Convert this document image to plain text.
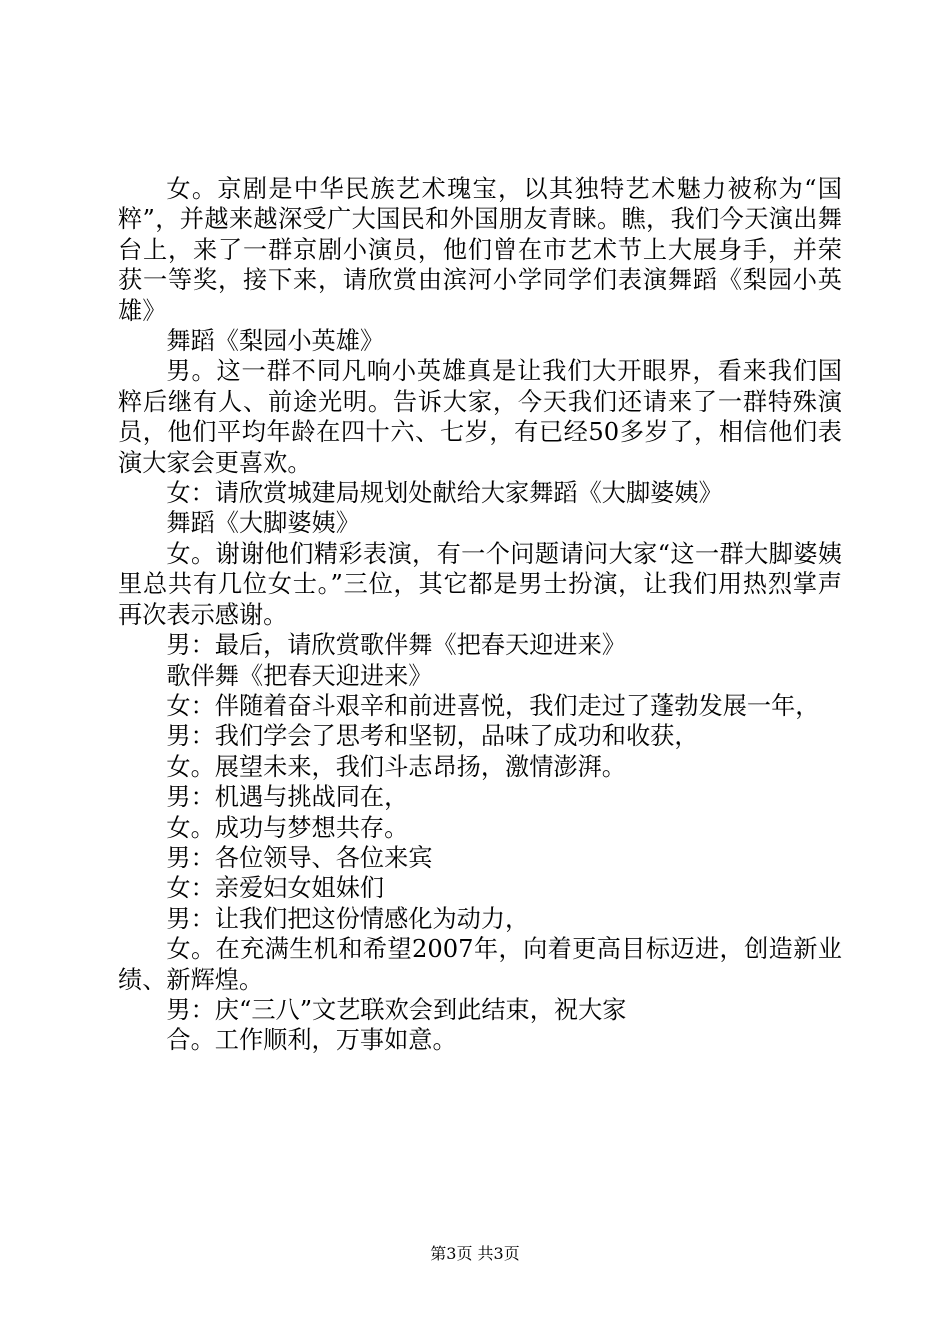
女。京剧是中华民族艺术瑰宝，以其独特艺术魅力被称为“国粹”，并越来越深受广大国民和外国朋友青睐。瞧，我们今天演出舞台上，来了一群京剧小演员，他们曾在市艺术节上大展身手，并荣获一等奖，接下来，请欣赏由滨河小学同学们表演舞蹈《梨园小英雄》

舞蹈《梨园小英雄》

男。这一群不同凡响小英雄真是让我们大开眼界，看来我们国粹后继有人、前途光明。告诉大家，今天我们还请来了一群特殊演员，他们平均年龄在四十六、七岁，有已经50多岁了，相信他们表演大家会更喜欢。

女：请欣赏城建局规划处献给大家舞蹈《大脚婆姨》

舞蹈《大脚婆姨》

女。谢谢他们精彩表演，有一个问题请问大家“这一群大脚婆姨里总共有几位女士。”三位，其它都是男士扮演，让我们用热烈掌声再次表示感谢。

男：最后，请欣赏歌伴舞《把春天迎进来》

歌伴舞《把春天迎进来》

女：伴随着奋斗艰辛和前进喜悦，我们走过了蓬勃发展一年，

男：我们学会了思考和坚韧，品味了成功和收获，

女。展望未来，我们斗志昂扬，激情澎湃。

男：机遇与挑战同在，

女。成功与梦想共存。

男：各位领导、各位来宾

女：亲爱妇女姐妹们

男：让我们把这份情感化为动力，

女。在充满生机和希望2007年，向着更高目标迈进，创造新业绩、新辉煌。

男：庆“三八”文艺联欢会到此结束，祝大家

合。工作顺利，万事如意。

第3页 共3页
